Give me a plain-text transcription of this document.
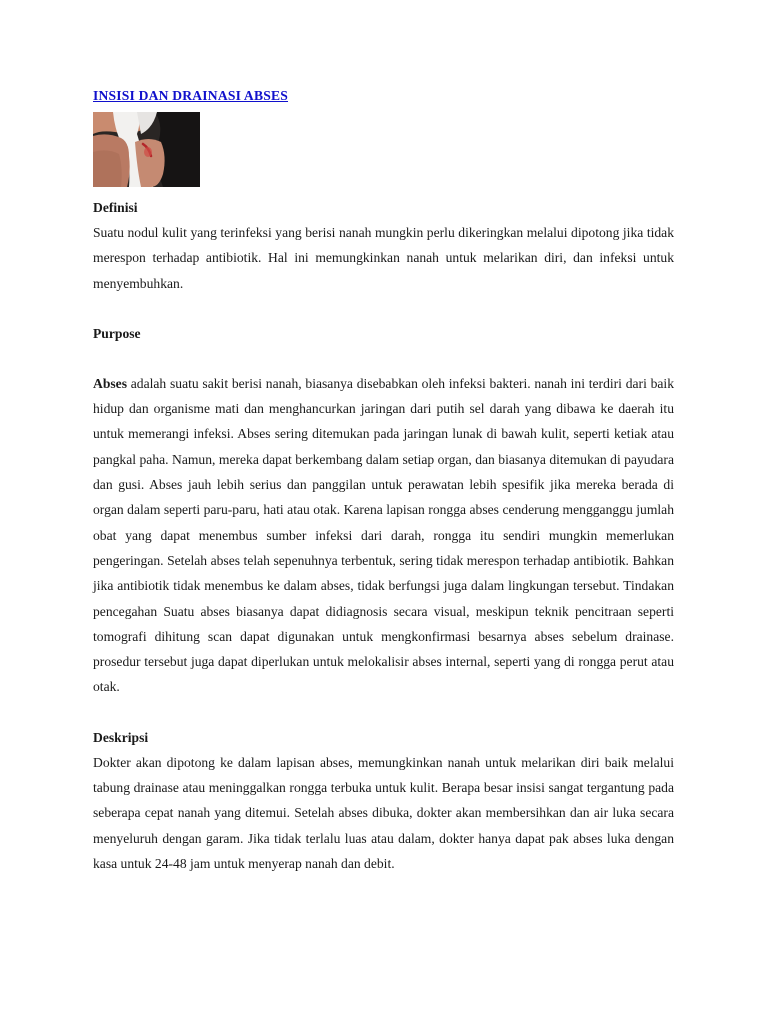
INSISI DAN DRAINASI ABSES

Definisi

Suatu nodul kulit yang terinfeksi yang berisi nanah mungkin perlu dikeringkan melalui dipotong jika tidak merespon terhadap antibiotik. Hal ini memungkinkan nanah untuk melarikan diri, dan infeksi untuk menyembuhkan.

Purpose

Abses adalah suatu sakit berisi nanah, biasanya disebabkan oleh infeksi bakteri. nanah ini terdiri dari baik hidup dan organisme mati dan menghancurkan jaringan dari putih sel darah yang dibawa ke daerah itu untuk memerangi infeksi. Abses sering ditemukan pada jaringan lunak di bawah kulit, seperti ketiak atau pangkal paha. Namun, mereka dapat berkembang dalam setiap organ, dan biasanya ditemukan di payudara dan gusi. Abses jauh lebih serius dan panggilan untuk perawatan lebih spesifik jika mereka berada di organ dalam seperti paru-paru, hati atau otak. Karena lapisan rongga abses cenderung mengganggu jumlah obat yang dapat menembus sumber infeksi dari darah, rongga itu sendiri mungkin memerlukan pengeringan. Setelah abses telah sepenuhnya terbentuk, sering tidak merespon terhadap antibiotik. Bahkan jika antibiotik tidak menembus ke dalam abses, tidak berfungsi juga dalam lingkungan tersebut. Tindakan pencegahan Suatu abses biasanya dapat didiagnosis secara visual, meskipun teknik pencitraan seperti tomografi dihitung scan dapat digunakan untuk mengkonfirmasi besarnya abses sebelum drainase. prosedur tersebut juga dapat diperlukan untuk melokalisir abses internal, seperti yang di rongga perut atau otak.

Deskripsi

Dokter akan dipotong ke dalam lapisan abses, memungkinkan nanah untuk melarikan diri baik melalui tabung drainase atau meninggalkan rongga terbuka untuk kulit. Berapa besar insisi sangat tergantung pada seberapa cepat nanah yang ditemui. Setelah abses dibuka, dokter akan membersihkan dan air luka secara menyeluruh dengan garam. Jika tidak terlalu luas atau dalam, dokter hanya dapat pak abses luka dengan kasa untuk 24-48 jam untuk menyerap nanah dan debit.
